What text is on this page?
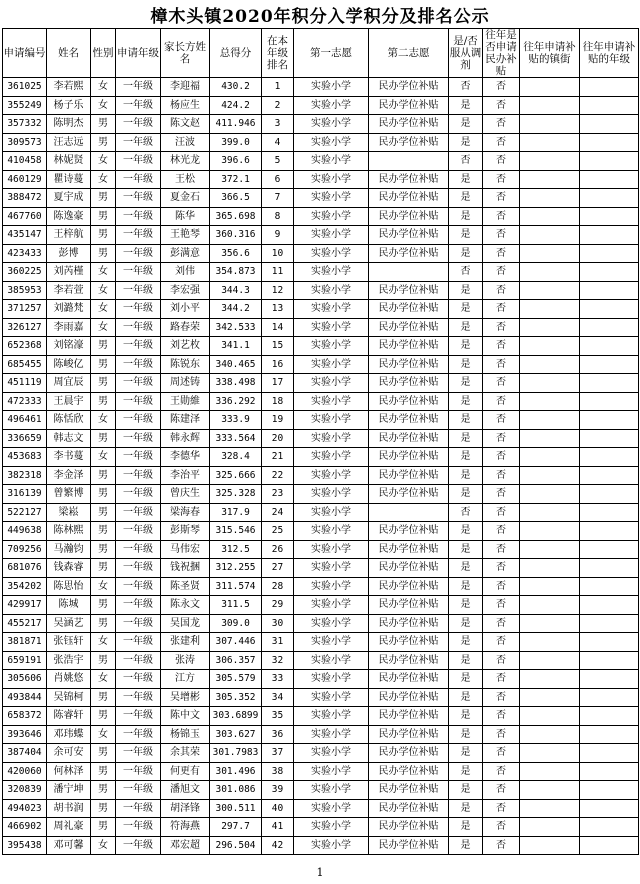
樟木头镇2020年积分入学积分及排名公示
申请编号	姓名	性别	申请年级	家长方姓名	总得分	在本年级排名	第一志愿	第二志愿	是/否服从调剂	往年是否申请民办补贴	往年申请补贴的镇街	往年申请补贴的年级
361025	李若熙	女	一年级	李迎福	430.2	1	实验小学	民办学位补贴	否	否		
355249	杨子乐	女	一年级	杨应生	424.2	2	实验小学	民办学位补贴	是	否		
357332	陈明杰	男	一年级	陈文赵	411.946	3	实验小学	民办学位补贴	是	否		
309573	汪志远	男	一年级	汪波	399.0	4	实验小学	民办学位补贴	是	否		
410458	林妮贤	女	一年级	林光龙	396.6	5	实验小学		否	否		
460129	瞿诗蔓	女	一年级	王松	372.1	6	实验小学	民办学位补贴	是	否		
388472	夏宇成	男	一年级	夏金石	366.5	7	实验小学	民办学位补贴	是	否		
467760	陈逸豪	男	一年级	陈华	365.698	8	实验小学	民办学位补贴	是	否		
435147	王梓航	男	一年级	王艳琴	360.316	9	实验小学	民办学位补贴	是	否		
423433	彭博	男	一年级	彭满意	356.6	10	实验小学	民办学位补贴	是	否		
360225	刘芮槿	女	一年级	刘伟	354.873	11	实验小学		否	否		
385953	李若萱	女	一年级	李宏强	344.3	12	实验小学	民办学位补贴	是	否		
371257	刘潞梵	女	一年级	刘小平	344.2	13	实验小学	民办学位补贴	是	否		
326127	李雨嘉	女	一年级	路春荣	342.533	14	实验小学	民办学位补贴	是	否		
652368	刘铭濠	男	一年级	刘艺枚	341.1	15	实验小学	民办学位补贴	是	否		
685455	陈峻亿	男	一年级	陈锐东	340.465	16	实验小学	民办学位补贴	是	否		
451119	周宜辰	男	一年级	周述铸	338.498	17	实验小学	民办学位补贴	是	否		
472333	王晨宇	男	一年级	王勋維	336.292	18	实验小学	民办学位补贴	是	否		
496461	陈恬欣	女	一年级	陈建泽	333.9	19	实验小学	民办学位补贴	是	否		
336659	韩志文	男	一年级	韩永辉	333.564	20	实验小学	民办学位补贴	是	否		
453683	李书蔓	女	一年级	李德华	328.4	21	实验小学	民办学位补贴	是	否		
382318	李金泽	男	一年级	李治平	325.666	22	实验小学	民办学位补贴	是	否		
316139	曾繁博	男	一年级	曾庆生	325.328	23	实验小学	民办学位补贴	是	否		
522127	梁崧	男	一年级	梁海春	317.9	24	实验小学		否	否		
449638	陈林熙	男	一年级	彭斯琴	315.546	25	实验小学	民办学位补贴	是	否		
709256	马瀚钧	男	一年级	马伟宏	312.5	26	实验小学	民办学位补贴	是	否		
681076	钱森睿	男	一年级	钱祝捆	312.255	27	实验小学	民办学位补贴	是	否		
354202	陈思怡	女	一年级	陈圣贤	311.574	28	实验小学	民办学位补贴	是	否		
429917	陈城	男	一年级	陈永文	311.5	29	实验小学	民办学位补贴	是	否		
455217	吴涵艺	男	一年级	吴国龙	309.0	30	实验小学	民办学位补贴	是	否		
381871	张钰轩	女	一年级	张建利	307.446	31	实验小学	民办学位补贴	是	否		
659191	张浩宇	男	一年级	张涛	306.357	32	实验小学	民办学位补贴	是	否		
305606	肖姚悠	女	一年级	江方	305.579	33	实验小学	民办学位补贴	是	否		
493844	吴锦柯	男	一年级	吴增彬	305.352	34	实验小学	民办学位补贴	是	否		
658372	陈睿轩	男	一年级	陈中文	303.6899	35	实验小学	民办学位补贴	是	否		
393646	邓玮蝶	女	一年级	杨锦玉	303.627	36	实验小学	民办学位补贴	是	否		
387404	余可安	男	一年级	余其荣	301.7983	37	实验小学	民办学位补贴	是	否		
420060	何林泽	男	一年级	何更有	301.496	38	实验小学	民办学位补贴	是	否		
320839	潘宁坤	男	一年级	潘旭文	301.086	39	实验小学	民办学位补贴	是	否		
494023	胡书润	男	一年级	胡泽锋	300.511	40	实验小学	民办学位补贴	是	否		
466902	周礼豪	男	一年级	符海燕	297.7	41	实验小学	民办学位补贴	是	否		
395438	邓可馨	女	一年级	邓宏超	296.504	42	实验小学	民办学位补贴	是	否		
1
